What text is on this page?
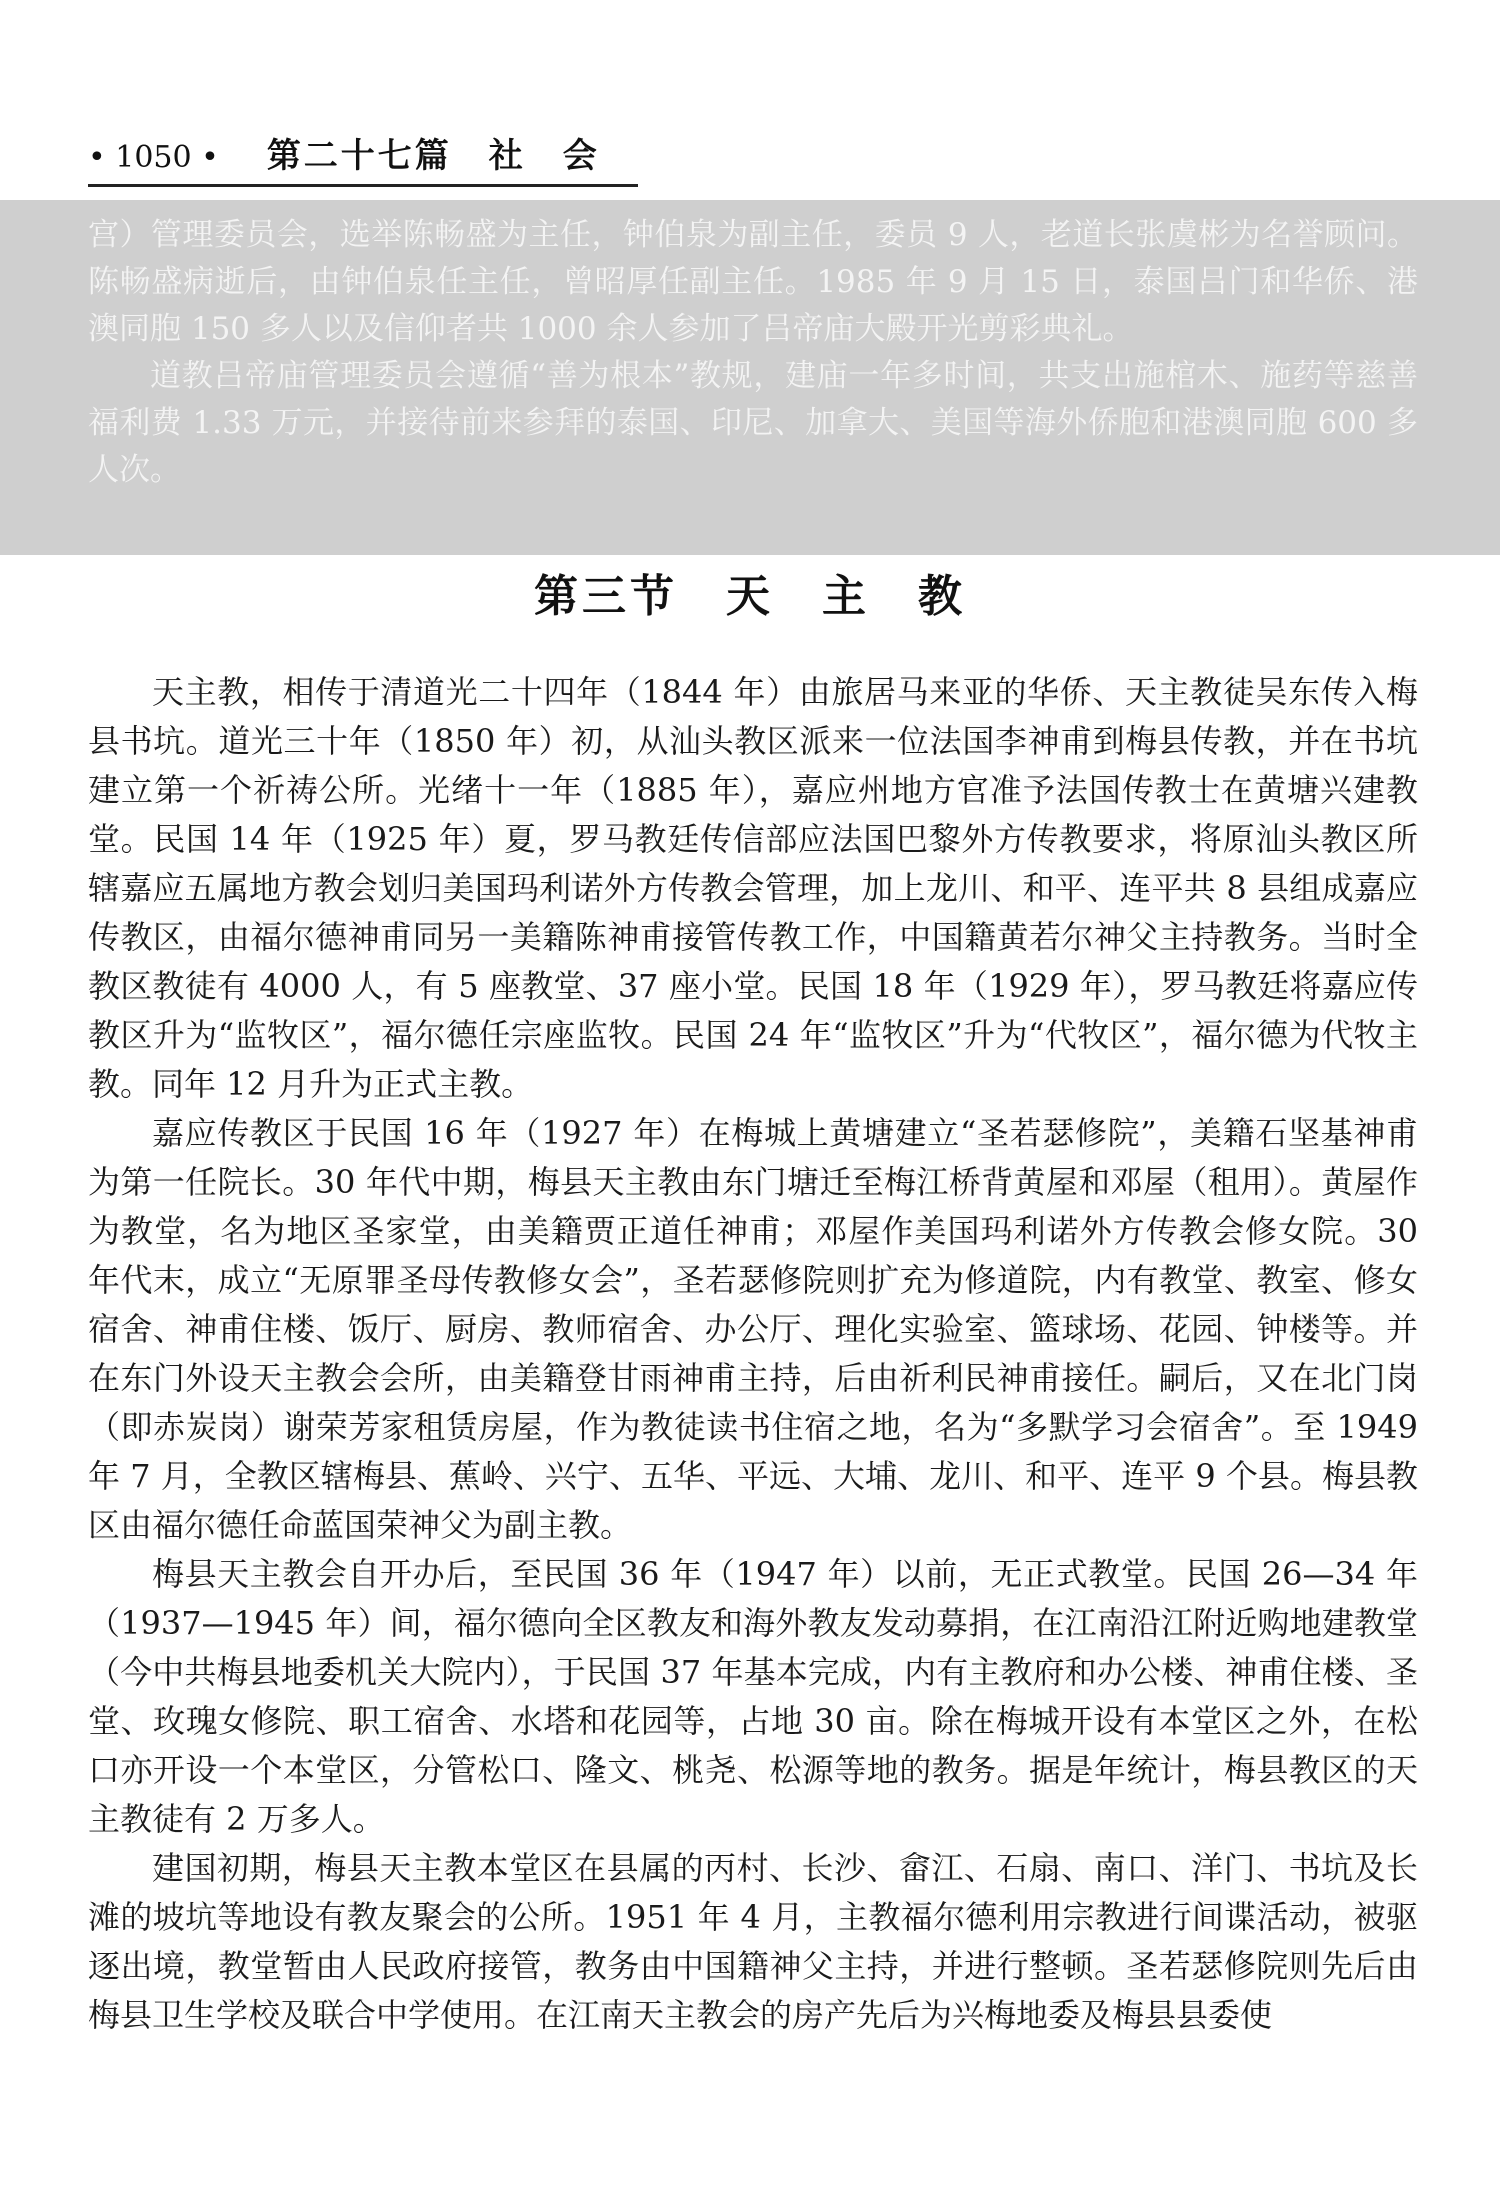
• 1050 • 第二十七篇　社　会

宫）管理委员会，选举陈畅盛为主任，钟伯泉为副主任，委员 9 人，老道长张虞彬为名誉顾问。陈畅盛病逝后，由钟伯泉任主任，曾昭厚任副主任。1985 年 9 月 15 日，泰国吕门和华侨、港澳同胞 150 多人以及信仰者共 1000 余人参加了吕帝庙大殿开光剪彩典礼。

道教吕帝庙管理委员会遵循“善为根本”教规，建庙一年多时间，共支出施棺木、施药等慈善福利费 1.33 万元，并接待前来参拜的泰国、印尼、加拿大、美国等海外侨胞和港澳同胞 600 多人次。

第三节　天　主　教

天主教，相传于清道光二十四年（1844 年）由旅居马来亚的华侨、天主教徒吴东传入梅县书坑。道光三十年（1850 年）初，从汕头教区派来一位法国李神甫到梅县传教，并在书坑建立第一个祈祷公所。光绪十一年（1885 年），嘉应州地方官准予法国传教士在黄塘兴建教堂。民国 14 年（1925 年）夏，罗马教廷传信部应法国巴黎外方传教要求，将原汕头教区所辖嘉应五属地方教会划归美国玛利诺外方传教会管理，加上龙川、和平、连平共 8 县组成嘉应传教区，由福尔德神甫同另一美籍陈神甫接管传教工作，中国籍黄若尔神父主持教务。当时全教区教徒有 4000 人，有 5 座教堂、37 座小堂。民国 18 年（1929 年），罗马教廷将嘉应传教区升为“监牧区”，福尔德任宗座监牧。民国 24 年“监牧区”升为“代牧区”，福尔德为代牧主教。同年 12 月升为正式主教。

嘉应传教区于民国 16 年（1927 年）在梅城上黄塘建立“圣若瑟修院”，美籍石坚基神甫为第一任院长。30 年代中期，梅县天主教由东门塘迁至梅江桥背黄屋和邓屋（租用）。黄屋作为教堂，名为地区圣家堂，由美籍贾正道任神甫；邓屋作美国玛利诺外方传教会修女院。30 年代末，成立“无原罪圣母传教修女会”，圣若瑟修院则扩充为修道院，内有教堂、教室、修女宿舍、神甫住楼、饭厅、厨房、教师宿舍、办公厅、理化实验室、篮球场、花园、钟楼等。并在东门外设天主教会会所，由美籍登甘雨神甫主持，后由祈利民神甫接任。嗣后，又在北门岗（即赤炭岗）谢荣芳家租赁房屋，作为教徒读书住宿之地，名为“多默学习会宿舍”。至 1949 年 7 月，全教区辖梅县、蕉岭、兴宁、五华、平远、大埔、龙川、和平、连平 9 个县。梅县教区由福尔德任命蓝国荣神父为副主教。

梅县天主教会自开办后，至民国 36 年（1947 年）以前，无正式教堂。民国 26—34 年（1937—1945 年）间，福尔德向全区教友和海外教友发动募捐，在江南沿江附近购地建教堂（今中共梅县地委机关大院内），于民国 37 年基本完成，内有主教府和办公楼、神甫住楼、圣堂、玫瑰女修院、职工宿舍、水塔和花园等，占地 30 亩。除在梅城开设有本堂区之外，在松口亦开设一个本堂区，分管松口、隆文、桃尧、松源等地的教务。据是年统计，梅县教区的天主教徒有 2 万多人。

建国初期，梅县天主教本堂区在县属的丙村、长沙、畲江、石扇、南口、洋门、书坑及长滩的坡坑等地设有教友聚会的公所。1951 年 4 月，主教福尔德利用宗教进行间谍活动，被驱逐出境，教堂暂由人民政府接管，教务由中国籍神父主持，并进行整顿。圣若瑟修院则先后由梅县卫生学校及联合中学使用。在江南天主教会的房产先后为兴梅地委及梅县县委使
